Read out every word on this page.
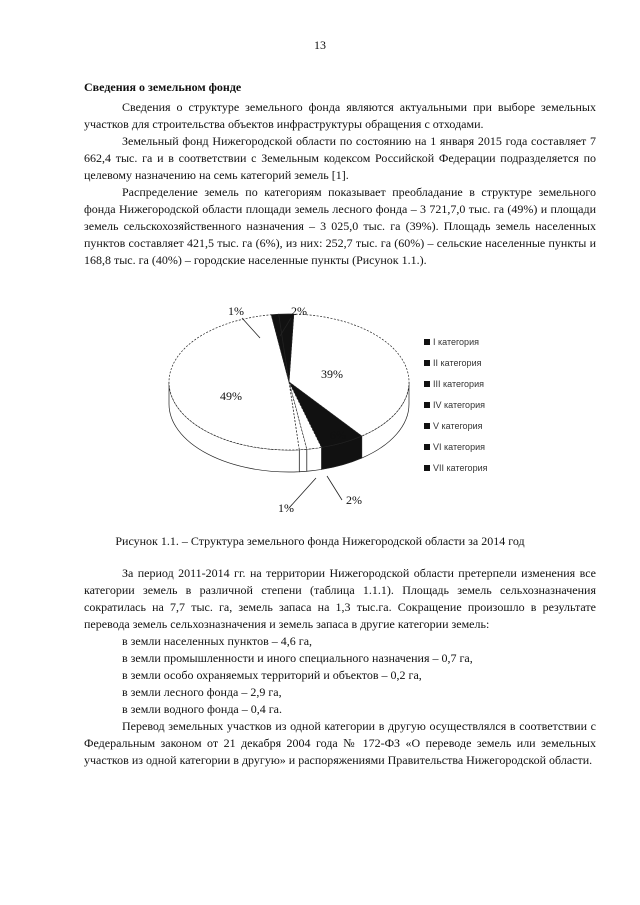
13
Сведения о земельном фонде

Сведения о структуре земельного фонда являются актуальными при выборе земельных участков для строительства объектов инфраструктуры обращения с отходами.

Земельный фонд Нижегородской области по состоянию на 1 января 2015 года составляет 7 662,4 тыс. га и в соответствии с Земельным кодексом Российской Федерации подразделяется по целевому назначению на семь категорий земель [1].

Распределение земель по категориям показывает преобладание в структуре земельного фонда Нижегородской области площади земель лесного фонда – 3 721,7,0 тыс. га (49%) и площади земель сельскохозяйственного назначения – 3 025,0 тыс. га (39%). Площадь земель населенных пунктов составляет 421,5 тыс. га (6%), из них: 252,7 тыс. га (60%) – сельские населенные пункты и 168,8 тыс. га (40%) – городские населенные пункты (Рисунок 1.1.).

39%
6%
2%
1%
49%
1%	2%
I категория
II категория
III категория
IV категория
V категория
VI категория
VII категория
Рисунок 1.1. – Структура земельного фонда Нижегородской области за 2014 год

За период 2011-2014 гг. на территории Нижегородской области претерпели изменения все категории земель в различной степени (таблица 1.1.1). Площадь земель сельхозназначения сократилась на 7,7 тыс. га, земель запаса на 1,3 тыс.га. Сокращение произошло в результате перевода земель сельхозназначения и земель запаса в другие категории земель:

в земли населенных пунктов – 4,6 га,

в земли промышленности и иного специального назначения – 0,7 га,

в земли особо охраняемых территорий и объектов – 0,2 га,

в земли лесного фонда – 2,9 га,

в земли водного фонда – 0,4 га.

Перевод земельных участков из одной категории в другую осуществлялся в соответствии с Федеральным законом от 21 декабря 2004 года № 172-ФЗ «О переводе земель или земельных участков из одной категории в другую» и распоряжениями Правительства Нижегородской области.
